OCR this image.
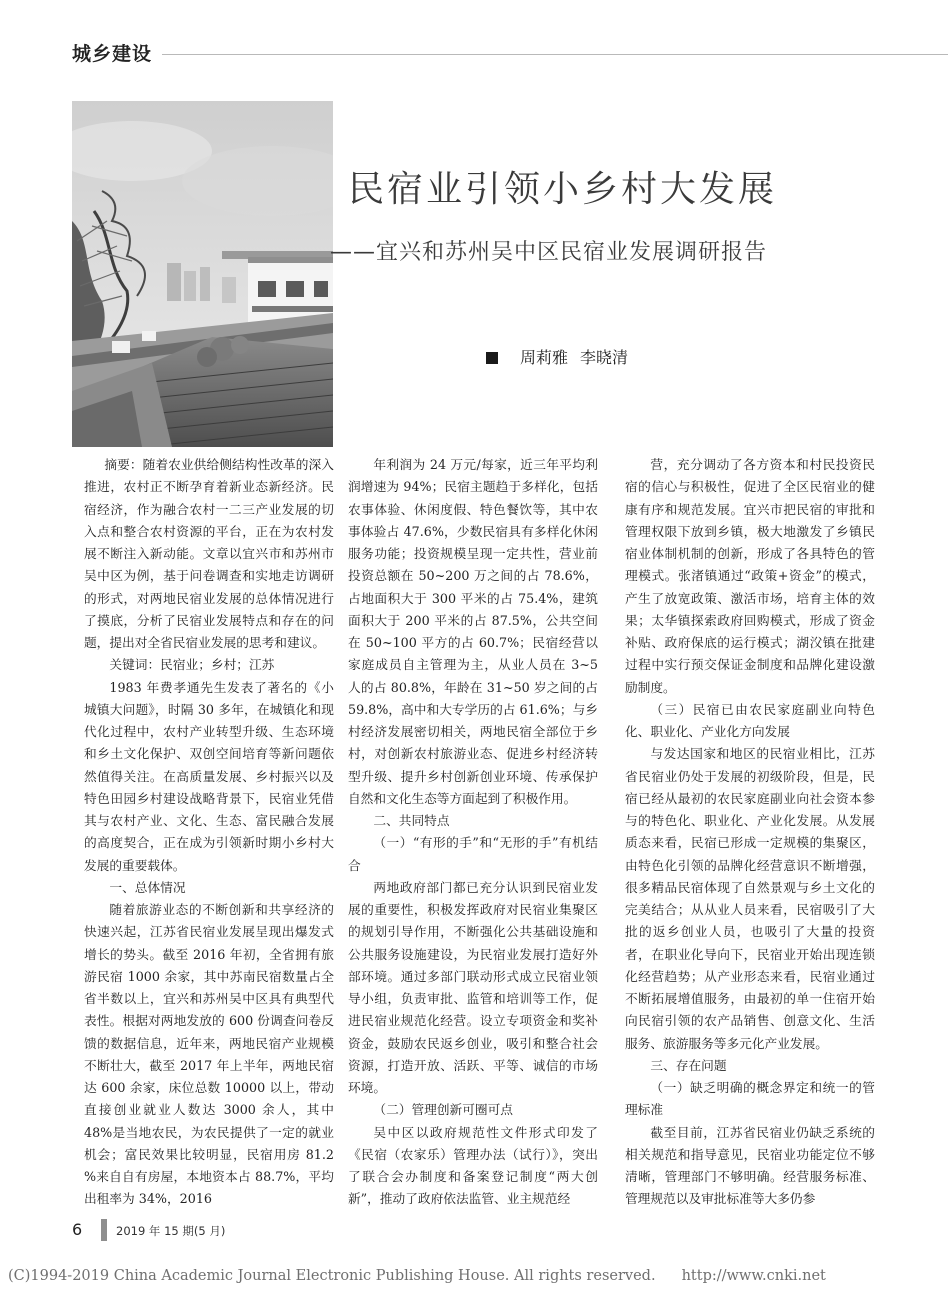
城乡建设
民宿业引领小乡村大发展
——宜兴和苏州吴中区民宿业发展调研报告
周莉雅 李晓清

摘要：随着农业供给侧结构性改革的深入推进，农村正不断孕育着新业态新经济。民宿经济，作为融合农村一二三产业发展的切入点和整合农村资源的平台，正在为农村发展不断注入新动能。文章以宜兴市和苏州市吴中区为例，基于问卷调查和实地走访调研的形式，对两地民宿业发展的总体情况进行了摸底，分析了民宿业发展特点和存在的问题，提出对全省民宿业发展的思考和建议。

关键词：民宿业；乡村；江苏

1983 年费孝通先生发表了著名的《小城镇大问题》，时隔 30 多年，在城镇化和现代化过程中，农村产业转型升级、生态环境和乡土文化保护、双创空间培育等新问题依然值得关注。在高质量发展、乡村振兴以及特色田园乡村建设战略背景下，民宿业凭借其与农村产业、文化、生态、富民融合发展的高度契合，正在成为引领新时期小乡村大发展的重要载体。

一、总体情况

随着旅游业态的不断创新和共享经济的快速兴起，江苏省民宿业发展呈现出爆发式增长的势头。截至 2016 年初，全省拥有旅游民宿 1000 余家，其中苏南民宿数量占全省半数以上，宜兴和苏州吴中区具有典型代表性。根据对两地发放的 600 份调查问卷反馈的数据信息，近年来，两地民宿产业规模不断壮大，截至 2017 年上半年，两地民宿达 600 余家，床位总数 10000 以上，带动直接创业就业人数达 3000 余人，其中 48%是当地农民，为农民提供了一定的就业机会；富民效果比较明显，民宿用房 81.2 %来自自有房屋，本地资本占 88.7%，平均出租率为 34%，2016

年利润为 24 万元/每家，近三年平均利润增速为 94%；民宿主题趋于多样化，包括农事体验、休闲度假、特色餐饮等，其中农事体验占 47.6%，少数民宿具有多样化休闲服务功能；投资规模呈现一定共性，营业前投资总额在 50~200 万之间的占 78.6%，占地面积大于 300 平米的占 75.4%，建筑面积大于 200 平米的占 87.5%，公共空间在 50~100 平方的占 60.7%；民宿经营以家庭成员自主管理为主，从业人员在 3~5 人的占 80.8%，年龄在 31~50 岁之间的占 59.8%，高中和大专学历的占 61.6%；与乡村经济发展密切相关，两地民宿全部位于乡村，对创新农村旅游业态、促进乡村经济转型升级、提升乡村创新创业环境、传承保护自然和文化生态等方面起到了积极作用。

二、共同特点

（一）“有形的手”和“无形的手”有机结合

两地政府部门都已充分认识到民宿业发展的重要性，积极发挥政府对民宿业集聚区的规划引导作用，不断强化公共基础设施和公共服务设施建设，为民宿业发展打造好外部环境。通过多部门联动形式成立民宿业领导小组，负责审批、监管和培训等工作，促进民宿业规范化经营。设立专项资金和奖补资金，鼓励农民返乡创业，吸引和整合社会资源，打造开放、活跃、平等、诚信的市场环境。

（二）管理创新可圈可点

吴中区以政府规范性文件形式印发了《民宿（农家乐）管理办法（试行）》，突出了联合会办制度和备案登记制度“两大创新”，推动了政府依法监管、业主规范经

营，充分调动了各方资本和村民投资民宿的信心与积极性，促进了全区民宿业的健康有序和规范发展。宜兴市把民宿的审批和管理权限下放到乡镇，极大地激发了乡镇民宿业体制机制的创新，形成了各具特色的管理模式。张渚镇通过“政策+资金”的模式，产生了放宽政策、激活市场，培育主体的效果；太华镇探索政府回购模式，形成了资金补贴、政府保底的运行模式；湖㳇镇在批建过程中实行预交保证金制度和品牌化建设激励制度。

（三）民宿已由农民家庭副业向特色化、职业化、产业化方向发展

与发达国家和地区的民宿业相比，江苏省民宿业仍处于发展的初级阶段，但是，民宿已经从最初的农民家庭副业向社会资本参与的特色化、职业化、产业化发展。从发展质态来看，民宿已形成一定规模的集聚区，由特色化引领的品牌化经营意识不断增强，很多精品民宿体现了自然景观与乡土文化的完美结合；从从业人员来看，民宿吸引了大批的返乡创业人员，也吸引了大量的投资者，在职业化导向下，民宿业开始出现连锁化经营趋势；从产业形态来看，民宿业通过不断拓展增值服务，由最初的单一住宿开始向民宿引领的农产品销售、创意文化、生活服务、旅游服务等多元化产业发展。

三、存在问题

（一）缺乏明确的概念界定和统一的管理标准

截至目前，江苏省民宿业仍缺乏系统的相关规范和指导意见，民宿业功能定位不够清晰，管理部门不够明确。经营服务标准、管理规范以及审批标准等大多仍参

6	2019 年 15 期(5 月)
(C)1994-2019 China Academic Journal Electronic Publishing House. All rights reserved. http://www.cnki.net
